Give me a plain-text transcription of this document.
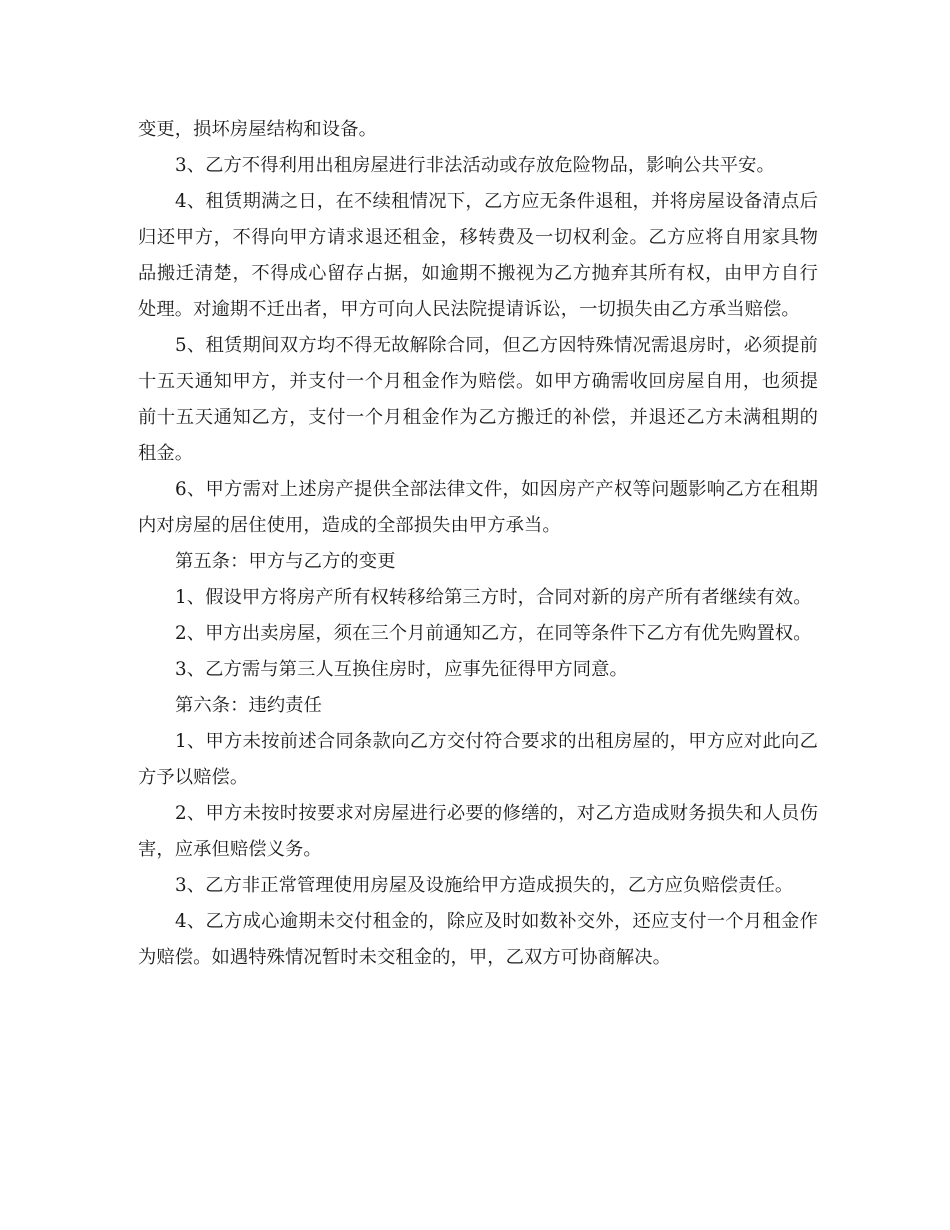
变更，损坏房屋结构和设备。

3、乙方不得利用出租房屋进行非法活动或存放危险物品，影响公共平安。

4、租赁期满之日，在不续租情况下，乙方应无条件退租，并将房屋设备清点后归还甲方，不得向甲方请求退还租金，移转费及一切权利金。乙方应将自用家具物品搬迁清楚，不得成心留存占据，如逾期不搬视为乙方抛弃其所有权，由甲方自行处理。对逾期不迁出者，甲方可向人民法院提请诉讼，一切损失由乙方承当赔偿。

5、租赁期间双方均不得无故解除合同，但乙方因特殊情况需退房时，必须提前十五天通知甲方，并支付一个月租金作为赔偿。如甲方确需收回房屋自用，也须提前十五天通知乙方，支付一个月租金作为乙方搬迁的补偿，并退还乙方未满租期的租金。

6、甲方需对上述房产提供全部法律文件，如因房产产权等问题影响乙方在租期内对房屋的居住使用，造成的全部损失由甲方承当。

第五条：甲方与乙方的变更

1、假设甲方将房产所有权转移给第三方时，合同对新的房产所有者继续有效。

2、甲方出卖房屋，须在三个月前通知乙方，在同等条件下乙方有优先购置权。

3、乙方需与第三人互换住房时，应事先征得甲方同意。

第六条：违约责任

1、甲方未按前述合同条款向乙方交付符合要求的出租房屋的，甲方应对此向乙方予以赔偿。

2、甲方未按时按要求对房屋进行必要的修缮的，对乙方造成财务损失和人员伤害，应承但赔偿义务。

3、乙方非正常管理使用房屋及设施给甲方造成损失的，乙方应负赔偿责任。

4、乙方成心逾期未交付租金的，除应及时如数补交外，还应支付一个月租金作为赔偿。如遇特殊情况暂时未交租金的，甲，乙双方可协商解决。
